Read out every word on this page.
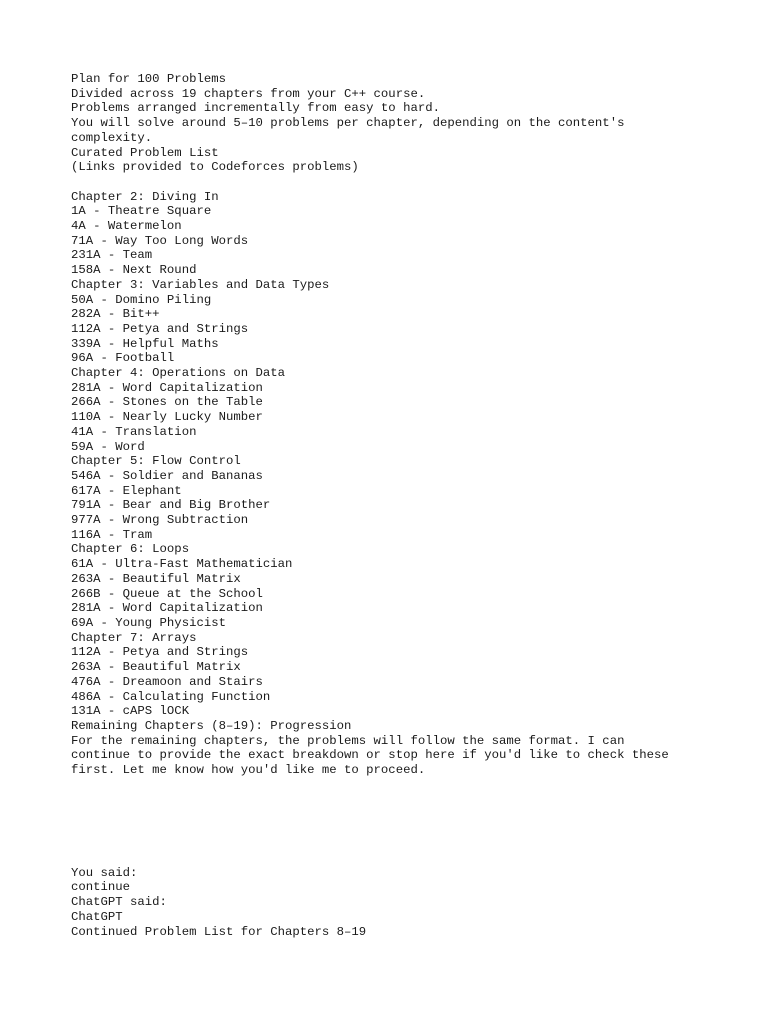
Plan for 100 Problems
Divided across 19 chapters from your C++ course.
Problems arranged incrementally from easy to hard.
You will solve around 5–10 problems per chapter, depending on the content's
complexity.
Curated Problem List
(Links provided to Codeforces problems)
Chapter 2: Diving In
1A - Theatre Square
4A - Watermelon
71A - Way Too Long Words
231A - Team
158A - Next Round
Chapter 3: Variables and Data Types
50A - Domino Piling
282A - Bit++
112A - Petya and Strings
339A - Helpful Maths
96A - Football
Chapter 4: Operations on Data
281A - Word Capitalization
266A - Stones on the Table
110A - Nearly Lucky Number
41A - Translation
59A - Word
Chapter 5: Flow Control
546A - Soldier and Bananas
617A - Elephant
791A - Bear and Big Brother
977A - Wrong Subtraction
116A - Tram
Chapter 6: Loops
61A - Ultra-Fast Mathematician
263A - Beautiful Matrix
266B - Queue at the School
281A - Word Capitalization
69A - Young Physicist
Chapter 7: Arrays
112A - Petya and Strings
263A - Beautiful Matrix
476A - Dreamoon and Stairs
486A - Calculating Function
131A - cAPS lOCK
Remaining Chapters (8–19): Progression
For the remaining chapters, the problems will follow the same format. I can
continue to provide the exact breakdown or stop here if you'd like to check these
first. Let me know how you'd like me to proceed.
You said:
continue
ChatGPT said:
ChatGPT
Continued Problem List for Chapters 8–19
